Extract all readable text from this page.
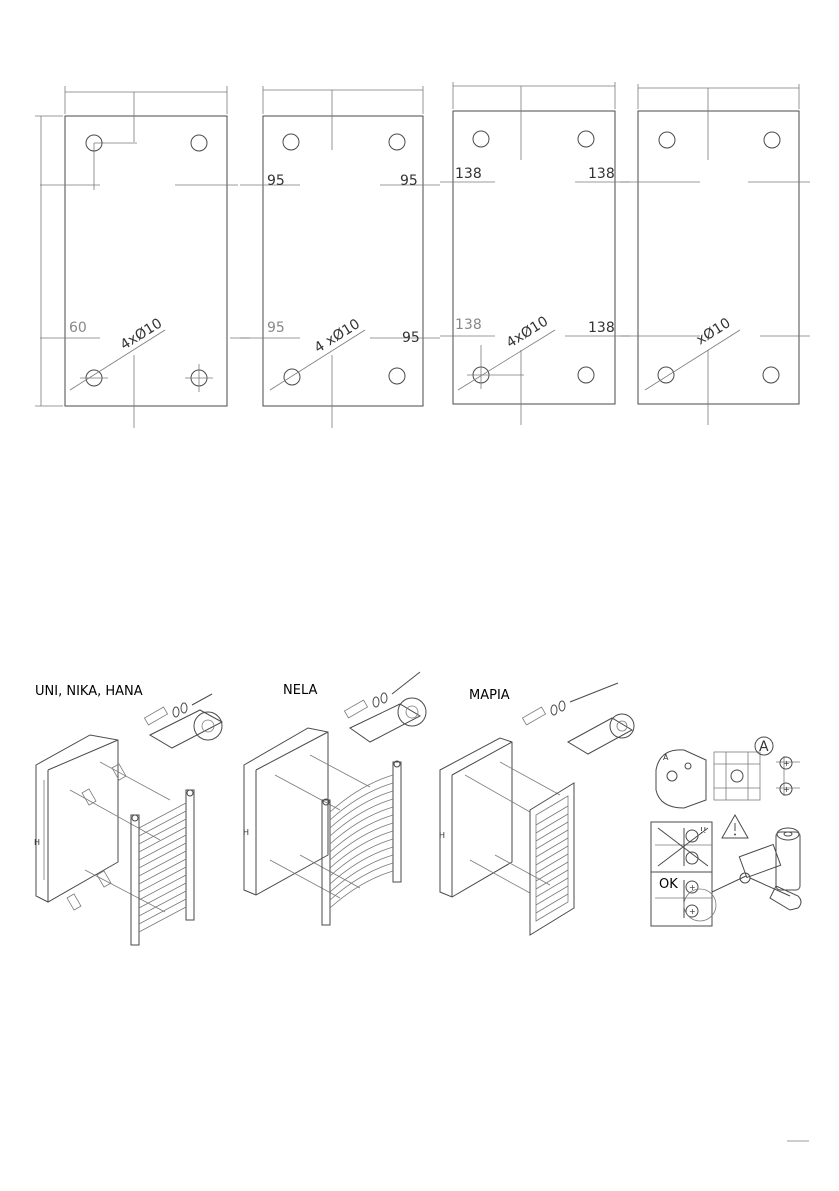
60 4xØ10
95	95
95
95
4 xØ10
138	138
138	138
4xØ10	xØ10
UNI, NIKA, HANA	NELA	MAPIA
H
H	H
A
A
+
+
!!
OK +
+
